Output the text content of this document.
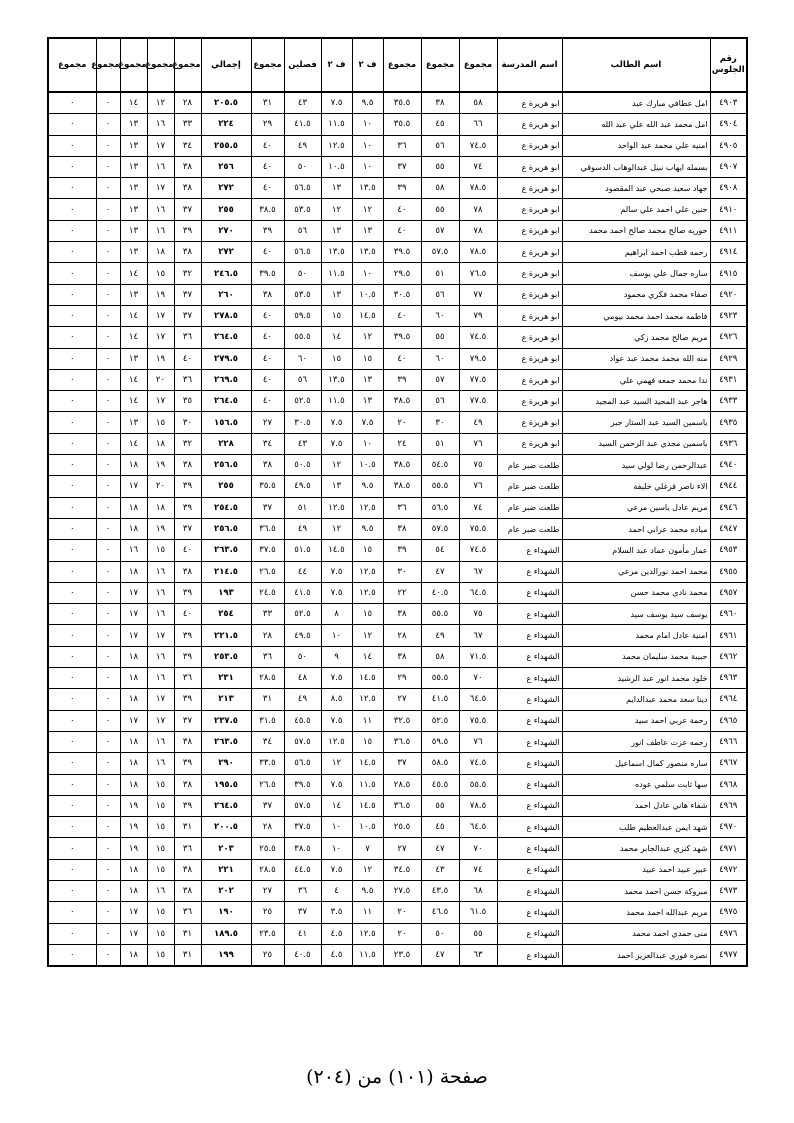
رقم الجلوس	اسم الطالب	اسم المدرسة	مجموع	مجموع	مجموع	ف ٢	ف ٢	فصلين	مجموع	إجمالي	مجموع	مجموع	مجموع	مجموع	مجموع
٤٩٠٣	امل عطافي مبارك عبد	ابو هريرة ع	٥٨	٣٨	٣٥.٥	٩.٥	٧.٥	٤٣	٣١	٢٠٥.٥	٢٨	١٢	١٤	٠	٠
٤٩٠٤	امل محمد عبد الله علي عبد الله	ابو هريرة ع	٦٦	٤٥	٣٥.٥	١٠	١١.٥	٤١.٥	٢٩	٢٢٤	٣٣	١٦	١٣	٠	٠
٤٩٠٥	امنيه علي محمد عبد الواحد	ابو هريرة ع	٧٤.٥	٥٦	٣٦	١٠	١٢.٥	٤٩	٤٠	٢٥٥.٥	٣٤	١٧	١٣	٠	٠
٤٩٠٧	بسمله ايهاب نبيل عبدالوهاب الدسوقي	ابو هريرة ع	٧٤	٥٥	٣٧	١٠	١٠.٥	٥٠	٤٠	٢٥٦	٣٨	١٦	١٣	٠	٠
٤٩٠٨	جهاد سعيد صبحي عبد المقصود	ابو هريرة ع	٧٨.٥	٥٨	٣٩	١٣.٥	١٣	٥٦.٥	٤٠	٢٧٢	٣٨	١٧	١٣	٠	٠
٤٩١٠	حنين علي احمد علي سالم	ابو هريرة ع	٧٨	٥٥	٤٠	١٢	١٢	٥٣.٥	٣٨.٥	٢٥٥	٣٧	١٦	١٣	٠	٠
٤٩١١	حوريه صالح محمد صالح احمد محمد	ابو هريرة ع	٧٨	٥٧	٤٠	١٣	١٣	٥٦	٣٩	٢٧٠	٣٩	١٦	١٣	٠	٠
٤٩١٤	رحمه قطب احمد ابراهيم	ابو هريرة ع	٧٨.٥	٥٧.٥	٣٩.٥	١٣.٥	١٣.٥	٥٦.٥	٤٠	٢٧٢	٣٨	١٨	١٣	٠	٠
٤٩١٥	ساره جمال علي يوسف	ابو هريرة ع	٧٦.٥	٥١	٢٩.٥	١٠	١١.٥	٥٠	٣٩.٥	٢٤٦.٥	٣٢	١٥	١٤	٠	٠
٤٩٢٠	صفاء محمد فكري محمود	ابو هريرة ع	٧٧	٥٦	٣٠.٥	١٠.٥	١٣	٥٣.٥	٣٨	٢٦٠	٣٧	١٩	١٣	٠	٠
٤٩٢٣	فاطمه محمد احمد محمد بيومي	ابو هريرة ع	٧٩	٦٠	٤٠	١٤.٥	١٥	٥٩.٥	٤٠	٢٧٨.٥	٣٧	١٧	١٤	٠	٠
٤٩٢٦	مريم صالح محمد زكي	ابو هريرة ع	٧٤.٥	٥٥	٣٩.٥	١٢	١٤	٥٥.٥	٤٠	٢٦٤.٥	٣٦	١٧	١٤	٠	٠
٤٩٢٩	منه الله محمد محمد عبد عواد	ابو هريرة ع	٧٩.٥	٦٠	٤٠	١٥	١٥	٦٠	٤٠	٢٧٩.٥	٤٠	١٩	١٣	٠	٠
٤٩٣١	ندا محمد جمعه فهمي علي	ابو هريرة ع	٧٧.٥	٥٧	٣٩	١٣	١٣.٥	٥٦	٤٠	٢٦٩.٥	٣٦	٢٠	١٤	٠	٠
٤٩٣٣	هاجر عبد المجيد السيد عبد المجيد	ابو هريرة ع	٧٧.٥	٥٦	٣٨.٥	١٣	١١.٥	٥٢.٥	٤٠	٢٦٤.٥	٣٥	١٧	١٤	٠	٠
٤٩٣٥	ياسمين السيد عبد الستار جبر	ابو هريرة ع	٤٩	٣٠	٢٠	٧.٥	٧.٥	٣٠.٥	٢٧	١٥٦.٥	٣٠	١٥	١٣	٠	٠
٤٩٣٦	ياسمين مجدي عبد الرحمن السيد	ابو هريرة ع	٧٦	٥١	٢٤	١٠	٧.٥	٤٣	٣٤	٢٢٨	٣٢	١٨	١٤	٠	٠
٤٩٤٠	عبدالرحمن رضا لولي سيد	طلعت ضبر عام	٧٥	٥٤.٥	٣٨.٥	١٠.٥	١٢	٥٠.٥	٣٨	٢٥٦.٥	٣٨	١٩	١٨	٠	٠
٤٩٤٤	الاء ناصر فرغلي خليفة	طلعت ضبر عام	٧٦	٥٥.٥	٣٨.٥	٩.٥	١٣	٤٩.٥	٣٥.٥	٢٥٥	٣٩	٢٠	١٧	٠	٠
٤٩٤٦	مريم عادل ياسين مرعي	طلعت ضبر عام	٧٤	٥٦.٥	٣٦	١٢.٥	١٢.٥	٥١	٣٧	٢٥٤.٥	٣٩	١٨	١٨	٠	٠
٤٩٤٧	مياده محمد عرابي احمد	طلعت ضبر عام	٧٥.٥	٥٧.٥	٣٨	٩.٥	١٢	٤٩	٣٦.٥	٢٥٦.٥	٣٧	١٩	١٨	٠	٠
٤٩٥٣	عمار مأمون عماد عبد السلام	الشهداء ع	٧٤.٥	٥٤	٣٩	١٥	١٤.٥	٥١.٥	٣٧.٥	٢٦٣.٥	٤٠	١٥	١٦	٠	٠
٤٩٥٥	محمد احمد نورالدين مرعي	الشهداء ع	٦٧	٤٧	٣٠	١٢.٥	٧.٥	٤٤	٢٦.٥	٢١٤.٥	٣٨	١٦	١٨	٠	٠
٤٩٥٧	محمد نادي محمد حسن	الشهداء ع	٦٤.٥	٤٠.٥	٢٢	١٢.٥	٧.٥	٤١.٥	٢٤.٥	١٩٣	٣٩	١٦	١٧	٠	٠
٤٩٦٠	يوسف سيد يوسف سيد	الشهداء ع	٧٥	٥٥.٥	٣٨	١٥	٨	٥٢.٥	٣٣	٢٥٤	٤٠	١٦	١٧	٠	٠
٤٩٦١	امنية عادل امام محمد	الشهداء ع	٦٧	٤٩	٢٨	١٢	١٠	٤٩.٥	٢٨	٢٢١.٥	٣٩	١٧	١٧	٠	٠
٤٩٦٢	حبيبة محمد سليمان محمد	الشهداء ع	٧١.٥	٥٨	٣٨	١٤	٩	٥٠	٣٦	٢٥٣.٥	٣٩	١٦	١٨	٠	٠
٤٩٦٣	خلود محمد انور عبد الرشيد	الشهداء ع	٧٠	٥٥.٥	٢٩	١٤.٥	٧.٥	٤٨	٢٨.٥	٢٣١	٣٦	١٦	١٨	٠	٠
٤٩٦٤	دينا سعد محمد عبدالدايم	الشهداء ع	٦٤.٥	٤١.٥	٢٧	١٢.٥	٨.٥	٤٩	٣١	٢١٣	٣٩	١٧	١٨	٠	٠
٤٩٦٥	رحمة عربي احمد سيد	الشهداء ع	٧٥.٥	٥٢.٥	٣٢.٥	١١	٧.٥	٤٥.٥	٣١.٥	٢٣٧.٥	٣٧	١٧	١٧	٠	٠
٤٩٦٦	رحمه عزت عاطف انور	الشهداء ع	٧٦	٥٩.٥	٣٦.٥	١٥	١٢.٥	٥٧.٥	٣٤	٢٦٣.٥	٣٨	١٦	١٨	٠	٠
٤٩٦٧	ساره منصور كمال اسماعيل	الشهداء ع	٧٤.٥	٥٨.٥	٣٧	١٤.٥	١٢	٥٦.٥	٣٣.٥	٢٩٠	٣٩	١٦	١٨	٠	٠
٤٩٦٨	سها ثابت سلمي عوده	الشهداء ع	٥٥.٥	٤٥.٥	٢٨.٥	١١.٥	٧.٥	٣٩.٥	٢٦.٥	١٩٥.٥	٣٨	١٥	١٨	٠	٠
٤٩٦٩	شفاء هاني عادل احمد	الشهداء ع	٧٨.٥	٥٥	٣٦.٥	١٤.٥	١٤	٥٧.٥	٣٧	٢٦٤.٥	٣٩	١٥	١٩	٠	٠
٤٩٧٠	شهد ايمن عبدالعظيم طلب	الشهداء ع	٦٤.٥	٤٥	٢٥.٥	١٠.٥	١٠	٣٧.٥	٢٨	٢٠٠.٥	٣١	١٥	١٩	٠	٠
٤٩٧١	شهد كنزي عبدالجابر محمد	الشهداء ع	٧٠	٤٧	٢٧	٧	١٠	٣٨.٥	٢٥.٥	٢٠٣	٣٦	١٥	١٩	٠	٠
٤٩٧٢	عبير عبيد احمد عبيد	الشهداء ع	٧٤	٤٣	٣٤.٥	١٢	٧.٥	٤٤.٥	٢٨.٥	٢٢١	٣٨	١٥	١٨	٠	٠
٤٩٧٣	مبروكة حسن احمد محمد	الشهداء ع	٦٨	٤٣.٥	٢٧.٥	٩.٥	٤	٣٦	٢٧	٢٠٢	٣٨	١٦	١٨	٠	٠
٤٩٧٥	مريم عبدالله احمد محمد	الشهداء ع	٦١.٥	٤٦.٥	٢٠	١١	٣.٥	٣٧	٢٥	١٩٠	٣٦	١٥	١٧	٠	٠
٤٩٧٦	منى حمدي احمد محمد	الشهداء ع	٥٥	٥٠	٢٠	١٢.٥	٤.٥	٤١	٢٣.٥	١٨٩.٥	٣١	١٥	١٧	٠	٠
٤٩٧٧	نصره فوزي عبدالعزيز احمد	الشهداء ع	٦٣	٤٧	٢٣.٥	١١.٥	٤.٥	٤٠.٥	٢٥	١٩٩	٣١	١٥	١٨	٠	٠
صفحة (١٠١) من (٢٠٤)
